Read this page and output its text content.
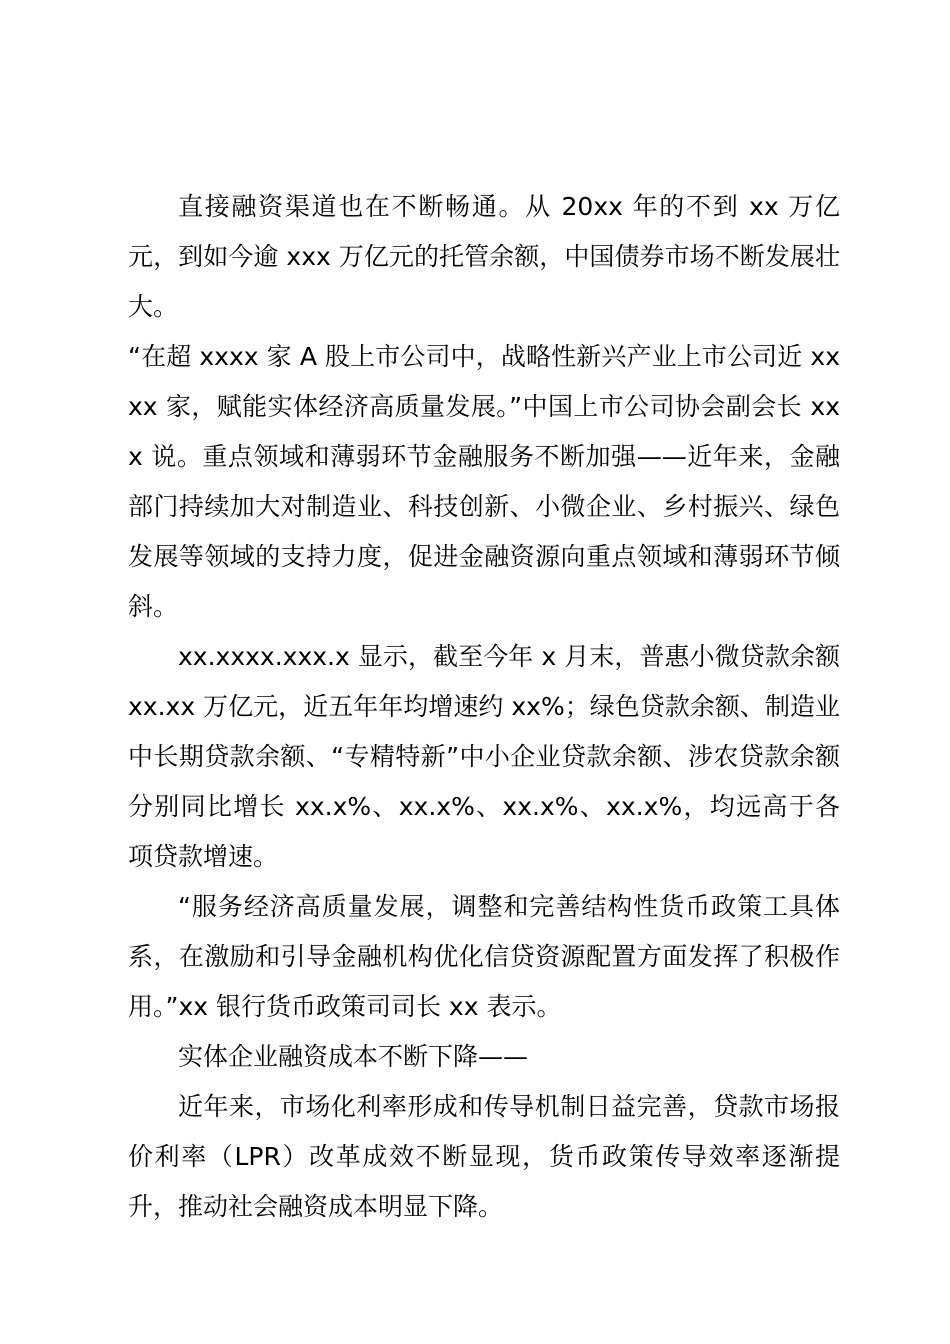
直接融资渠道也在不断畅通。从 20xx 年的不到 xx 万亿元，到如今逾 xxx 万亿元的托管余额，中国债券市场不断发展壮大。

“在超 xxxx 家 A 股上市公司中，战略性新兴产业上市公司近 xxxx 家，赋能实体经济高质量发展。”中国上市公司协会副会长 xxx 说。重点领域和薄弱环节金融服务不断加强——近年来，金融部门持续加大对制造业、科技创新、小微企业、乡村振兴、绿色发展等领域的支持力度，促进金融资源向重点领域和薄弱环节倾斜。

xx.xxxx.xxx.x 显示，截至今年 x 月末，普惠小微贷款余额 xx.xx 万亿元，近五年年均增速约 xx%；绿色贷款余额、制造业中长期贷款余额、“专精特新”中小企业贷款余额、涉农贷款余额分别同比增长 xx.x%、xx.x%、xx.x%、xx.x%，均远高于各项贷款增速。

“服务经济高质量发展，调整和完善结构性货币政策工具体系，在激励和引导金融机构优化信贷资源配置方面发挥了积极作用。”xx 银行货币政策司司长 xx 表示。

实体企业融资成本不断下降——

近年来，市场化利率形成和传导机制日益完善，贷款市场报价利率（LPR）改革成效不断显现，货币政策传导效率逐渐提升，推动社会融资成本明显下降。
